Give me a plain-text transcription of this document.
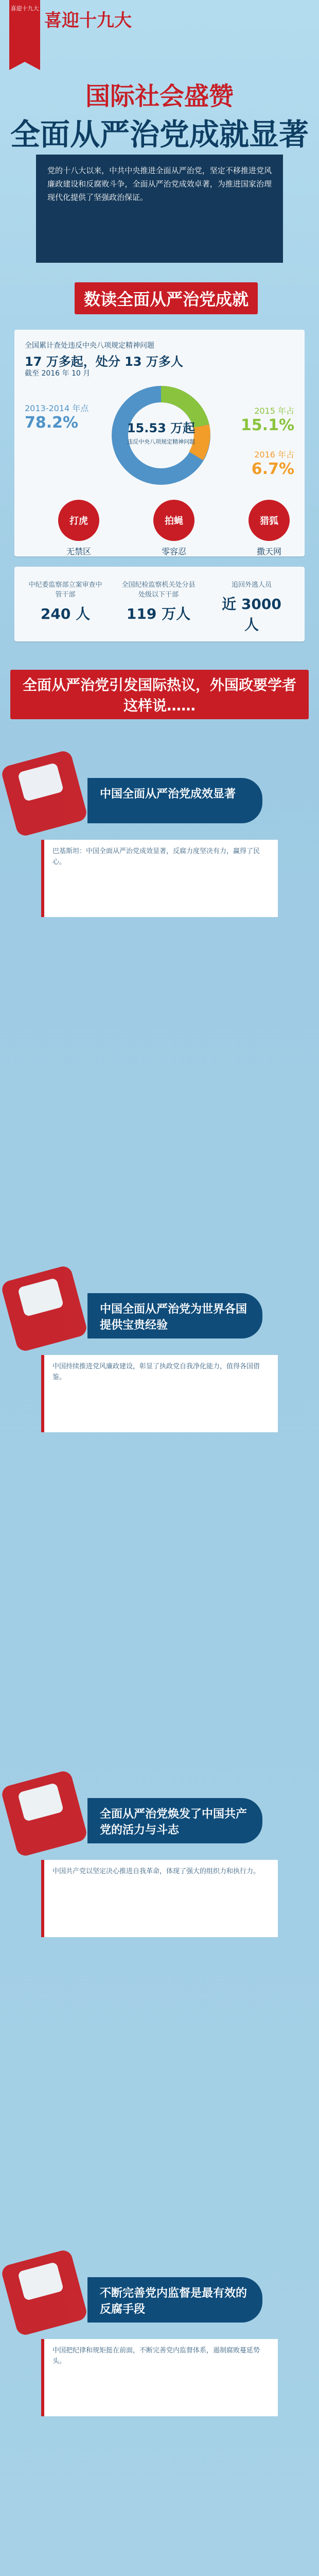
喜迎十九大
喜迎十九大
国际社会盛赞
全面从严治党成就显著
党的十八大以来，中共中央推进全面从严治党，坚定不移推进党风廉政建设和反腐败斗争，全面从严治党成效卓著，为推进国家治理现代化提供了坚强政治保证。
数读全面从严治党成就
全国累计查处违反中央八项规定精神问题
17 万多起，处分 13 万多人
截至 2016 年 10 月
15.53 万起
违反中央八项规定精神问题
2013-2014 年点
78.2%
2015 年占
15.1%
2016 年占
6.7%
打虎
无禁区
拍蝇
零容忍
猎狐
撒天网
中纪委监察部立案审查中管干部
240 人
全国纪检监察机关处分县处级以下干部
119 万人
追回外逃人员
近 3000 人
全面从严治党引发国际热议，外国政要学者这样说……
中国全面从严治党成效显著
巴基斯坦：中国全面从严治党成效显著，反腐力度坚决有力，赢得了民心。
中国全面从严治党为世界各国提供宝贵经验
中国持续推进党风廉政建设，彰显了执政党自我净化能力，值得各国借鉴。
全面从严治党焕发了中国共产党的活力与斗志
中国共产党以坚定决心推进自我革命，体现了强大的组织力和执行力。
不断完善党内监督是最有效的反腐手段
中国把纪律和规矩挺在前面，不断完善党内监督体系，遏制腐败蔓延势头。
